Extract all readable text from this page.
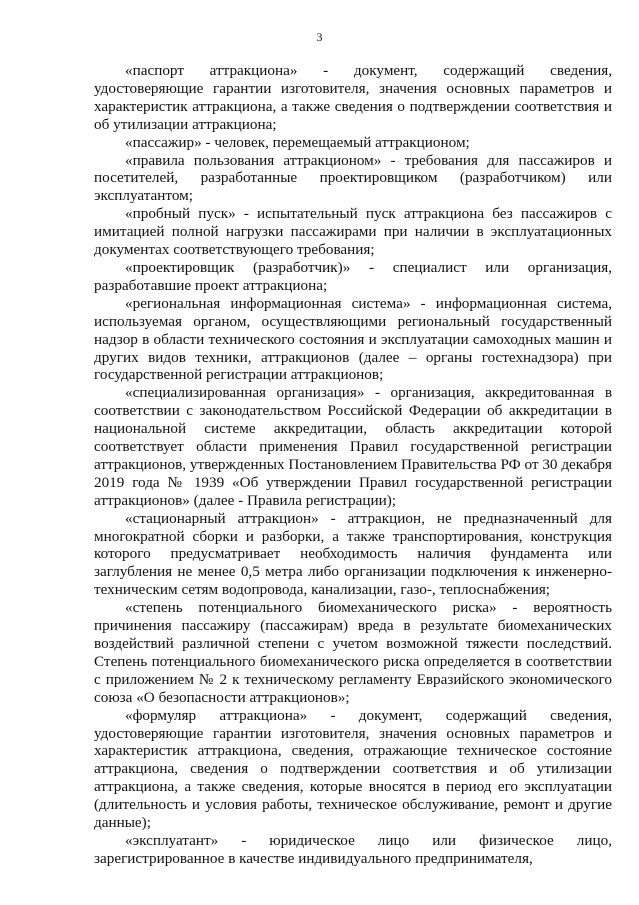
3

«паспорт аттракциона» - документ, содержащий сведения, удостоверяющие гарантии изготовителя, значения основных параметров и характеристик аттракциона, а также сведения о подтверждении соответствия и об утилизации аттракциона;

«пассажир» - человек, перемещаемый аттракционом;

«правила пользования аттракционом» - требования для пассажиров и посетителей, разработанные проектировщиком (разработчиком) или эксплуатантом;

«пробный пуск» - испытательный пуск аттракциона без пассажиров с имитацией полной нагрузки пассажирами при наличии в эксплуатационных документах соответствующего требования;

«проектировщик (разработчик)» - специалист или организация, разработавшие проект аттракциона;

«региональная информационная система» - информационная система, используемая органом, осуществляющими региональный государственный надзор в области технического состояния и эксплуатации самоходных машин и других видов техники, аттракционов (далее – органы гостехнадзора) при государственной регистрации аттракционов;

«специализированная организация» - организация, аккредитованная в соответствии с законодательством Российской Федерации об аккредитации в национальной системе аккредитации, область аккредитации которой соответствует области применения Правил государственной регистрации аттракционов, утвержденных Постановлением Правительства РФ от 30 декабря 2019 года № 1939 «Об утверждении Правил государственной регистрации аттракционов» (далее - Правила регистрации);

«стационарный аттракцион» - аттракцион, не предназначенный для многократной сборки и разборки, а также транспортирования, конструкция которого предусматривает необходимость наличия фундамента или заглубления не менее 0,5 метра либо организации подключения к инженерно-техническим сетям водопровода, канализации, газо-, теплоснабжения;

«степень потенциального биомеханического риска» - вероятность причинения пассажиру (пассажирам) вреда в результате биомеханических воздействий различной степени с учетом возможной тяжести последствий. Степень потенциального биомеханического риска определяется в соответствии с приложением № 2 к техническому регламенту Евразийского экономического союза «О безопасности аттракционов»;

«формуляр аттракциона» - документ, содержащий сведения, удостоверяющие гарантии изготовителя, значения основных параметров и характеристик аттракциона, сведения, отражающие техническое состояние аттракциона, сведения о подтверждении соответствия и об утилизации аттракциона, а также сведения, которые вносятся в период его эксплуатации (длительность и условия работы, техническое обслуживание, ремонт и другие данные);

«эксплуатант» - юридическое лицо или физическое лицо, зарегистрированное в качестве индивидуального предпринимателя,
